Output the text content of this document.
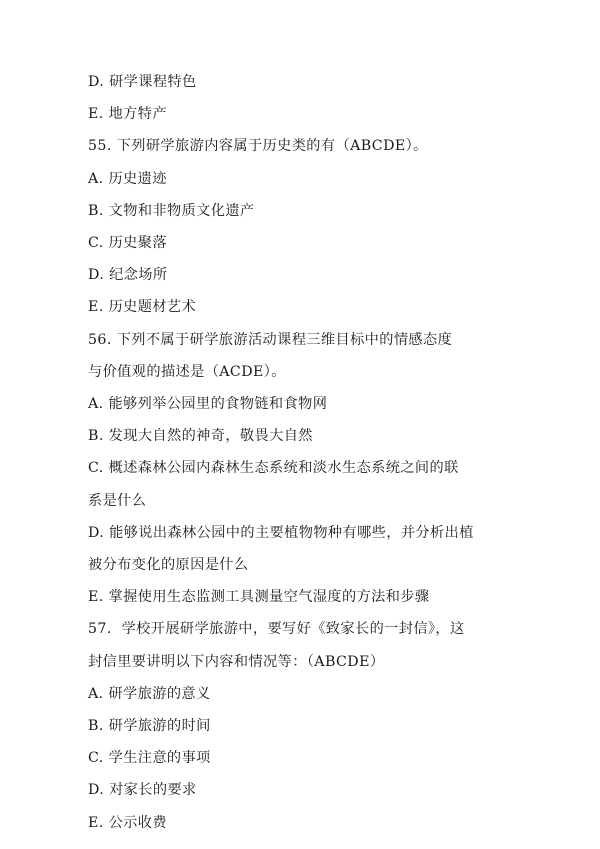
D. 研学课程特色
E. 地方特产
55. 下列研学旅游内容属于历史类的有（ABCDE）。
A. 历史遗迹
B. 文物和非物质文化遗产
C. 历史聚落
D. 纪念场所
E. 历史题材艺术
56. 下列不属于研学旅游活动课程三维目标中的情感态度
与价值观的描述是（ACDE）。
A. 能够列举公园里的食物链和食物网
B. 发现大自然的神奇，敬畏大自然
C. 概述森林公园内森林生态系统和淡水生态系统之间的联
系是什么
D. 能够说出森林公园中的主要植物物种有哪些，并分析出植
被分布变化的原因是什么
E. 掌握使用生态监测工具测量空气湿度的方法和步骤
57.  学校开展研学旅游中，要写好《致家长的一封信》，这
封信里要讲明以下内容和情况等：（ABCDE）
A. 研学旅游的意义
B. 研学旅游的时间
C. 学生注意的事项
D. 对家长的要求
E. 公示收费
